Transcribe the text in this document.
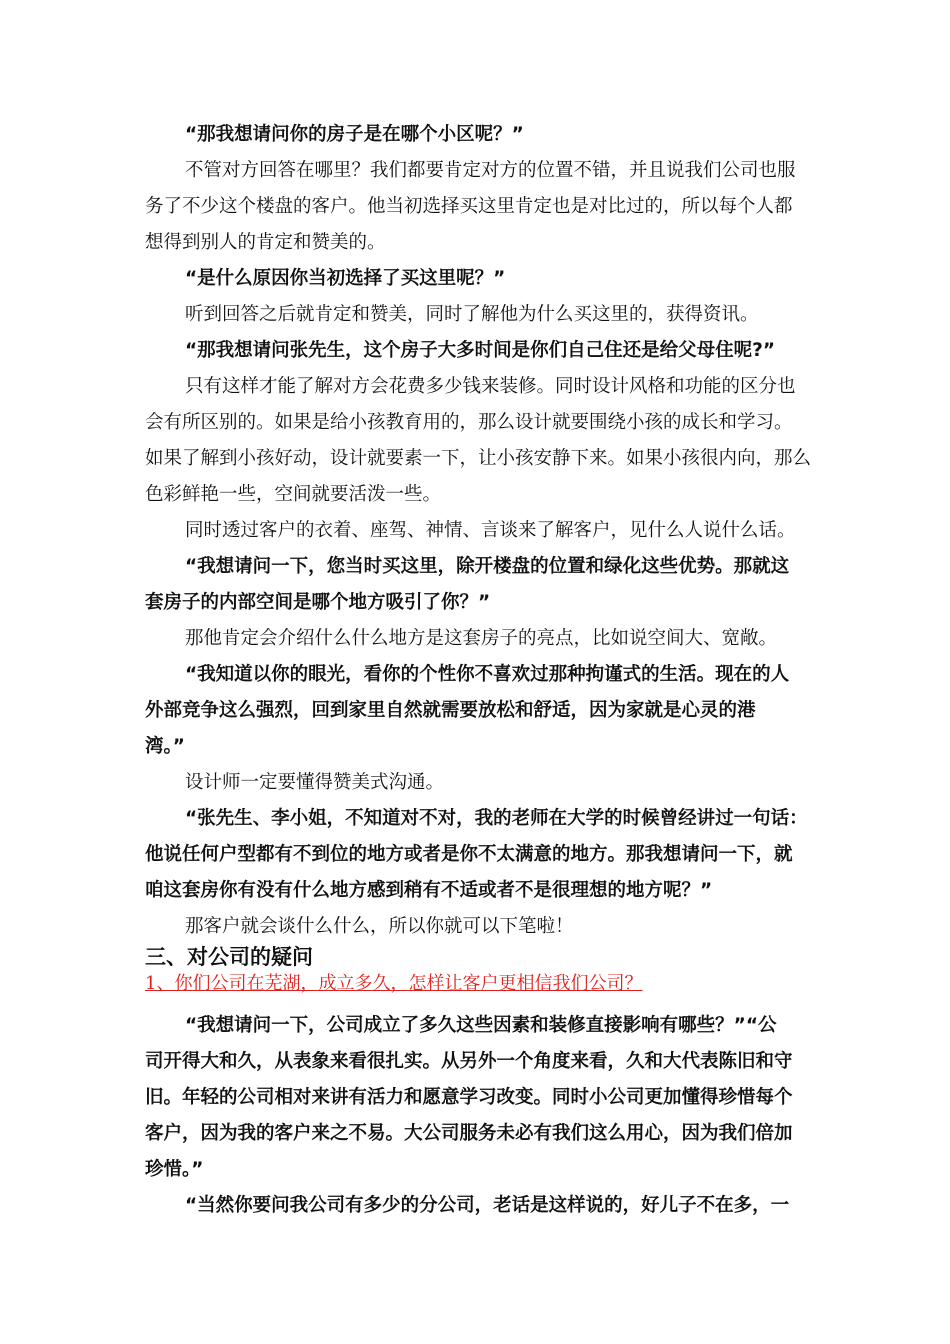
“那我想请问你的房子是在哪个小区呢？”
不管对方回答在哪里？我们都要肯定对方的位置不错，并且说我们公司也服
务了不少这个楼盘的客户。他当初选择买这里肯定也是对比过的，所以每个人都
想得到别人的肯定和赞美的。
“是什么原因你当初选择了买这里呢？”
听到回答之后就肯定和赞美，同时了解他为什么买这里的，获得资讯。
“那我想请问张先生，这个房子大多时间是你们自己住还是给父母住呢?”
只有这样才能了解对方会花费多少钱来装修。同时设计风格和功能的区分也
会有所区别的。如果是给小孩教育用的，那么设计就要围绕小孩的成长和学习。
如果了解到小孩好动，设计就要素一下，让小孩安静下来。如果小孩很内向，那么
色彩鲜艳一些，空间就要活泼一些。
同时透过客户的衣着、座驾、神情、言谈来了解客户，见什么人说什么话。
“我想请问一下，您当时买这里，除开楼盘的位置和绿化这些优势。那就这
套房子的内部空间是哪个地方吸引了你？”
那他肯定会介绍什么什么地方是这套房子的亮点，比如说空间大、宽敞。
“我知道以你的眼光，看你的个性你不喜欢过那种拘谨式的生活。现在的人
外部竞争这么强烈，回到家里自然就需要放松和舒适，因为家就是心灵的港
湾。”
设计师一定要懂得赞美式沟通。
“张先生、李小姐，不知道对不对，我的老师在大学的时候曾经讲过一句话：
他说任何户型都有不到位的地方或者是你不太满意的地方。那我想请问一下，就
咱这套房你有没有什么地方感到稍有不适或者不是很理想的地方呢？”
那客户就会谈什么什么，所以你就可以下笔啦！
三、对公司的疑问
1、你们公司在芜湖，成立多久，怎样让客户更相信我们公司？
“我想请问一下，公司成立了多久这些因素和装修直接影响有哪些？”“公
司开得大和久，从表象来看很扎实。从另外一个角度来看，久和大代表陈旧和守
旧。年轻的公司相对来讲有活力和愿意学习改变。同时小公司更加懂得珍惜每个
客户，因为我的客户来之不易。大公司服务未必有我们这么用心，因为我们倍加
珍惜。”
“当然你要问我公司有多少的分公司，老话是这样说的，好儿子不在多，一
